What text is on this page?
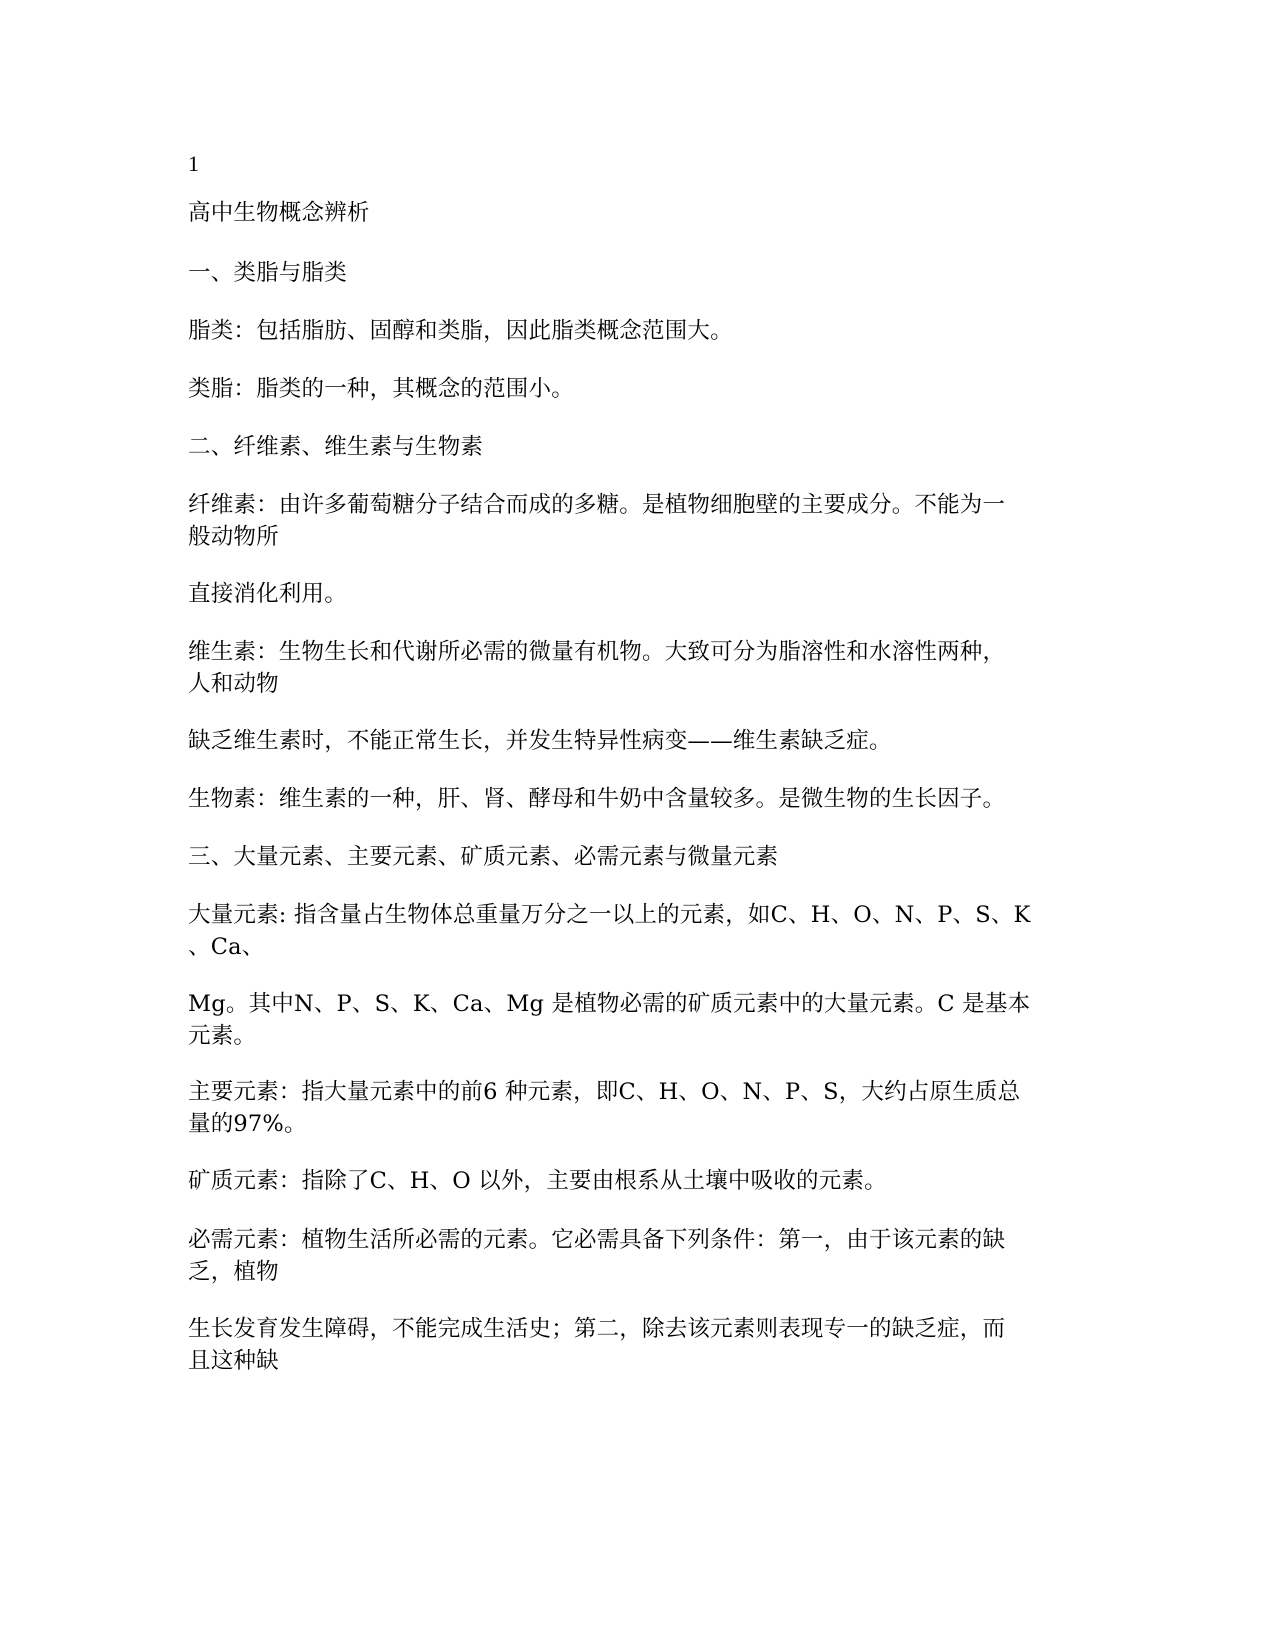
1
高中生物概念辨析
一、类脂与脂类
脂类：包括脂肪、固醇和类脂，因此脂类概念范围大。
类脂：脂类的一种，其概念的范围小。
二、纤维素、维生素与生物素
纤维素：由许多葡萄糖分子结合而成的多糖。是植物细胞壁的主要成分。不能为一
般动物所
直接消化利用。
维生素：生物生长和代谢所必需的微量有机物。大致可分为脂溶性和水溶性两种，
人和动物
缺乏维生素时，不能正常生长，并发生特异性病变——维生素缺乏症。
生物素：维生素的一种，肝、肾、酵母和牛奶中含量较多。是微生物的生长因子。
三、大量元素、主要元素、矿质元素、必需元素与微量元素
大量元素: 指含量占生物体总重量万分之一以上的元素，如C、H、O、N、P、S、K
、Ca、
Mg。其中N、P、S、K、Ca、Mg 是植物必需的矿质元素中的大量元素。C 是基本
元素。
主要元素：指大量元素中的前6 种元素，即C、H、O、N、P、S，大约占原生质总
量的97%。
矿质元素：指除了C、H、O 以外，主要由根系从土壤中吸收的元素。
必需元素：植物生活所必需的元素。它必需具备下列条件：第一，由于该元素的缺
乏，植物
生长发育发生障碍，不能完成生活史；第二，除去该元素则表现专一的缺乏症，而
且这种缺
